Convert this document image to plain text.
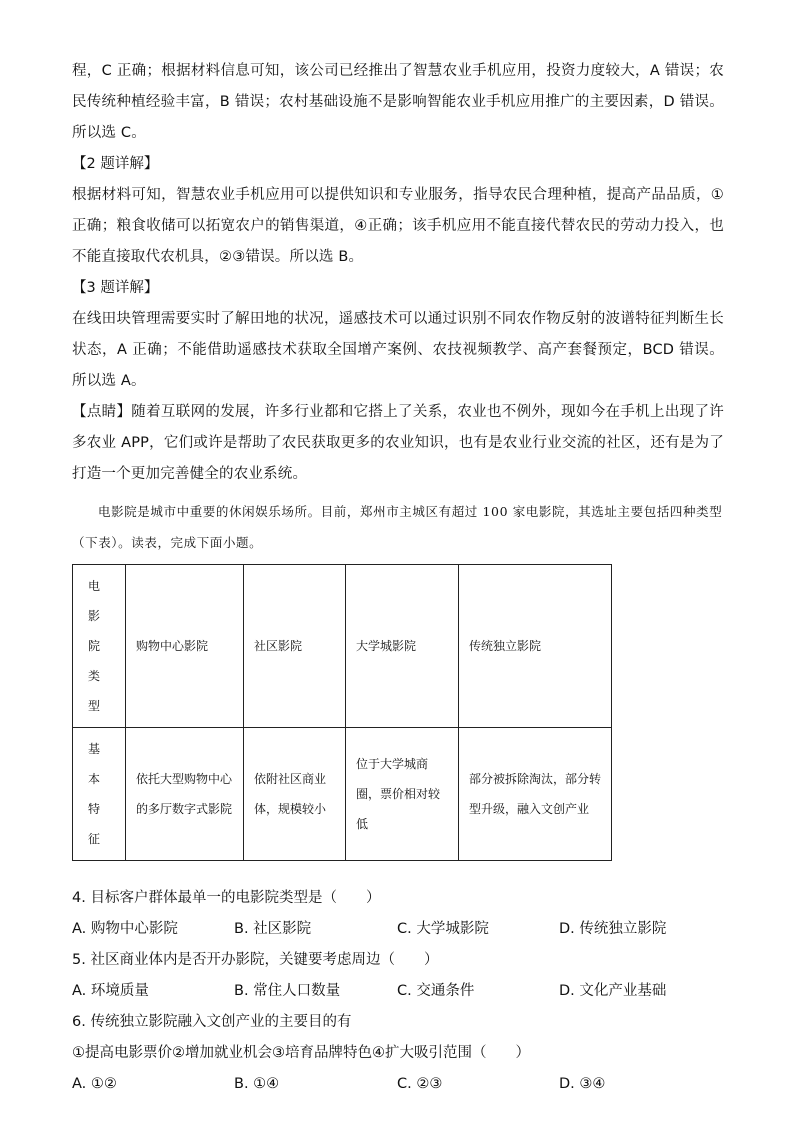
程，C 正确；根据材料信息可知，该公司已经推出了智慧农业手机应用，投资力度较大，A 错误；农民传统种植经验丰富，B 错误；农村基础设施不是影响智能农业手机应用推广的主要因素，D 错误。所以选 C。

【2 题详解】

根据材料可知，智慧农业手机应用可以提供知识和专业服务，指导农民合理种植，提高产品品质，①正确；粮食收储可以拓宽农户的销售渠道，④正确；该手机应用不能直接代替农民的劳动力投入，也不能直接取代农机具，②③错误。所以选 B。

【3 题详解】

在线田块管理需要实时了解田地的状况，遥感技术可以通过识别不同农作物反射的波谱特征判断生长状态，A 正确；不能借助遥感技术获取全国增产案例、农技视频教学、高产套餐预定，BCD 错误。所以选 A。

【点睛】随着互联网的发展，许多行业都和它搭上了关系，农业也不例外，现如今在手机上出现了许多农业 APP，它们或许是帮助了农民获取更多的农业知识，也有是农业行业交流的社区，还有是为了打造一个更加完善健全的农业系统。

电影院是城市中重要的休闲娱乐场所。目前，郑州市主城区有超过 100 家电影院，其选址主要包括四种类型（下表）。读表，完成下面小题。

电影院类型	购物中心影院	社区影院	大学城影院	传统独立影院
基本特征	依托大型购物中心的多厅数字式影院	依附社区商业体，规模较小	位于大学城商圈，票价相对较低	部分被拆除淘汰，部分转型升级，融入文创产业

4. 目标客户群体最单一的电影院类型是（　　）

A. 购物中心影院	B. 社区影院	C. 大学城影院	D. 传统独立影院

5. 社区商业体内是否开办影院，关键要考虑周边（　　）

A. 环境质量	B. 常住人口数量	C. 交通条件	D. 文化产业基础

6. 传统独立影院融入文创产业的主要目的有

①提高电影票价②增加就业机会③培育品牌特色④扩大吸引范围（　　）

A. ①②	B. ①④	C. ②③	D. ③④
